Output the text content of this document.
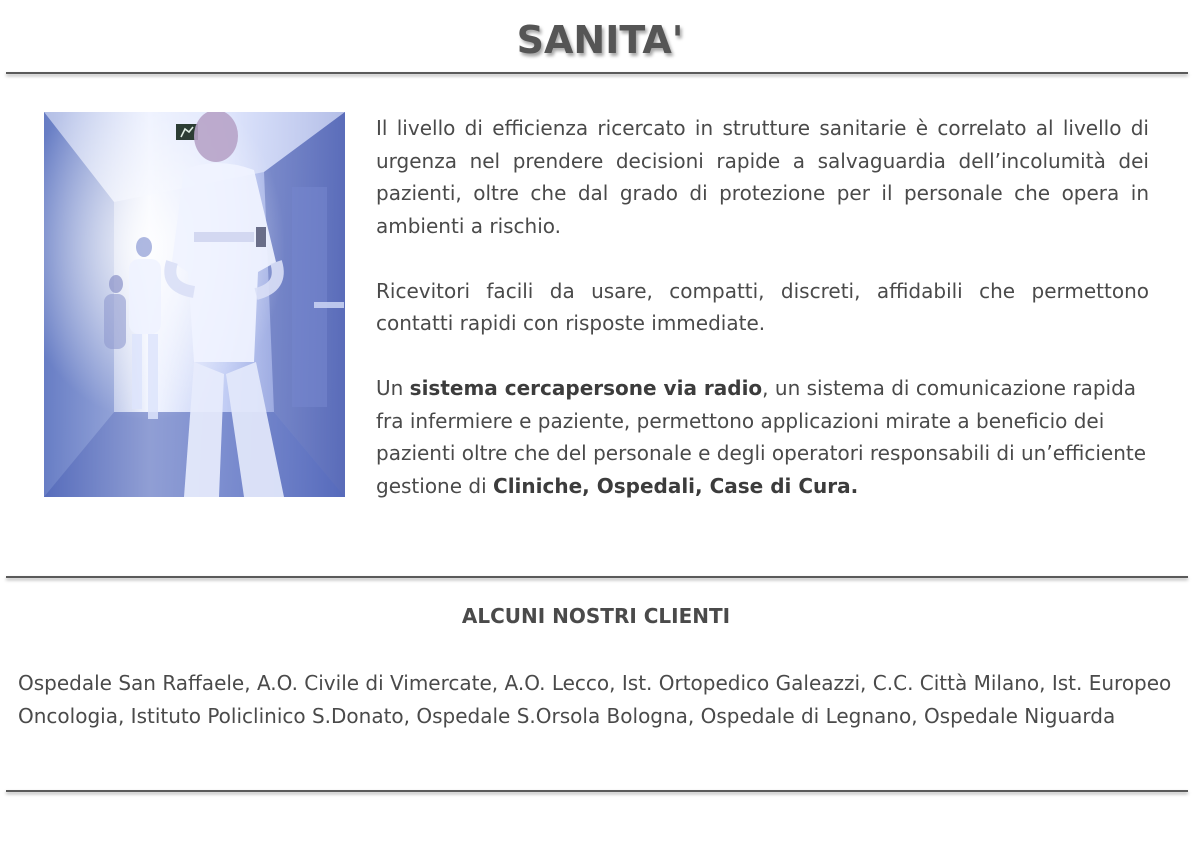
SANITA'

Il livello di efficienza ricercato in strutture sanitarie è correlato al livello di urgenza nel prendere decisioni rapide a salvaguardia dell’incolumità dei pazienti, oltre che dal grado di protezione per il personale che opera in ambienti a rischio.

Ricevitori facili da usare, compatti, discreti, affidabili che permettono contatti rapidi con risposte immediate.

Un sistema cercapersone via radio, un sistema di comunicazione rapida fra infermiere e paziente, permettono applicazioni mirate a beneficio dei pazienti oltre che del personale e degli operatori responsabili di un’efficiente gestione di Cliniche, Ospedali, Case di Cura.

ALCUNI NOSTRI CLIENTI

Ospedale San Raffaele, A.O. Civile di Vimercate, A.O. Lecco, Ist. Ortopedico Galeazzi, C.C. Città Milano, Ist. Europeo Oncologia, Istituto Policlinico S.Donato, Ospedale S.Orsola Bologna, Ospedale di Legnano, Ospedale Niguarda
